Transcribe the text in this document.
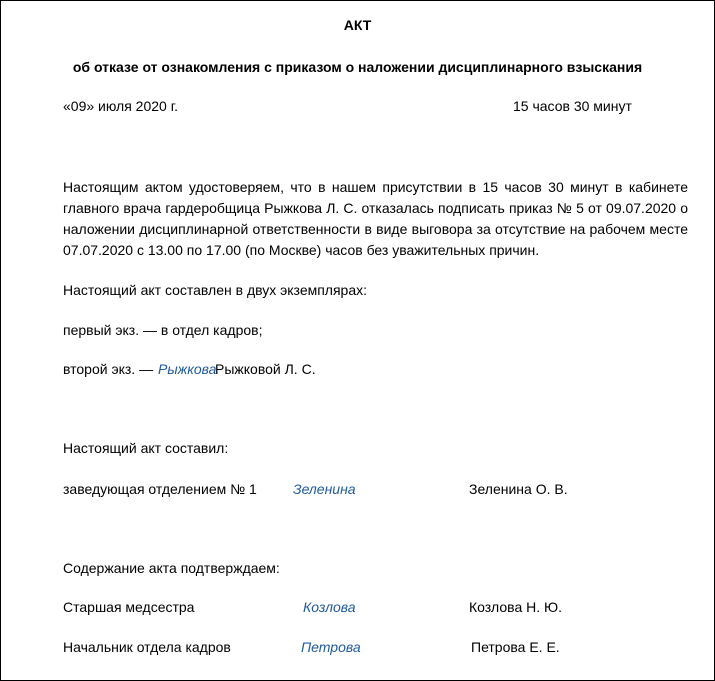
АКТ
об отказе от ознакомления с приказом о наложении дисциплинарного взыскания
«09» июля 2020 г.	15 часов 30 минут
Настоящим актом удостоверяем, что в нашем присутствии в 15 часов 30 минут в кабинете главного врача гардеробщица Рыжкова Л. С. отказалась подписать приказ № 5 от 09.07.2020 о наложении дисциплинарной ответственности в виде выговора за отсутствие на рабочем месте 07.07.2020 с 13.00 по 17.00 (по Москве) часов без уважительных причин.
Настоящий акт составлен в двух экземплярах:
первый экз. — в отдел кадров;
второй экз. — Рыжкова
Рыжковой Л. С.
Настоящий акт составил:
заведующая отделением № 1	Зеленина	Зеленина О. В.
Содержание акта подтверждаем:
Старшая медсестра	Козлова	Козлова Н. Ю.
Начальник отдела кадров	Петрова	Петрова Е. Е.
